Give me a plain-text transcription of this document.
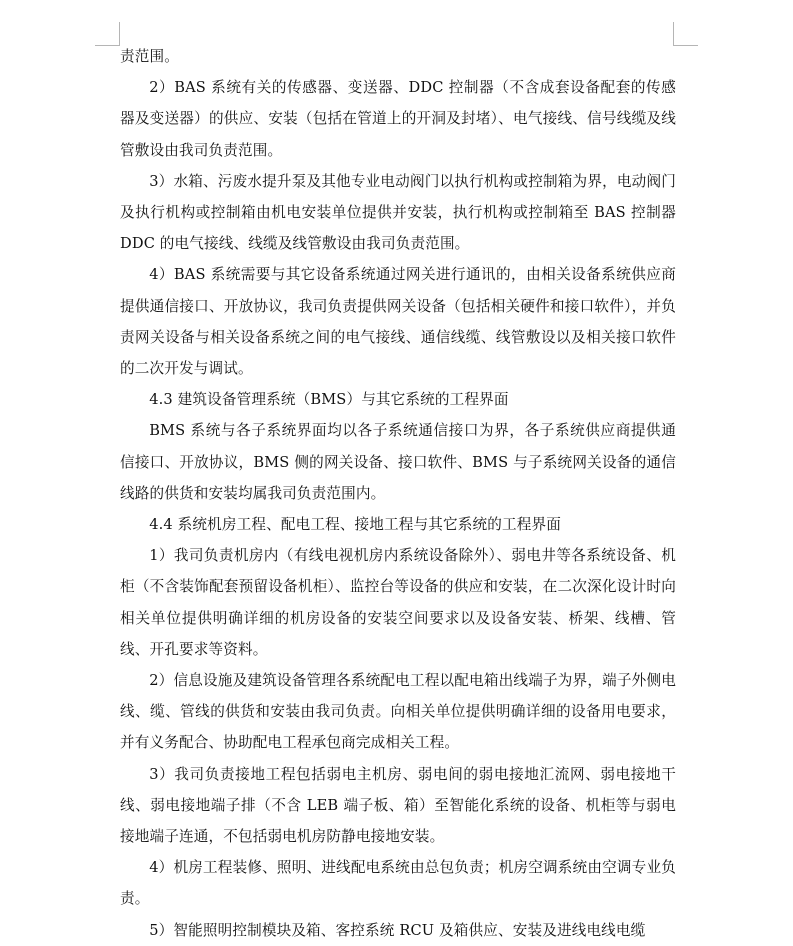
责范围。

2）BAS 系统有关的传感器、变送器、DDC 控制器（不含成套设备配套的传感器及变送器）的供应、安装（包括在管道上的开洞及封堵）、电气接线、信号线缆及线管敷设由我司负责范围。

3）水箱、污废水提升泵及其他专业电动阀门以执行机构或控制箱为界，电动阀门及执行机构或控制箱由机电安装单位提供并安装，执行机构或控制箱至 BAS 控制器 DDC 的电气接线、线缆及线管敷设由我司负责范围。

4）BAS 系统需要与其它设备系统通过网关进行通讯的，由相关设备系统供应商提供通信接口、开放协议，我司负责提供网关设备（包括相关硬件和接口软件），并负责网关设备与相关设备系统之间的电气接线、通信线缆、线管敷设以及相关接口软件的二次开发与调试。

4.3 建筑设备管理系统（BMS）与其它系统的工程界面

BMS 系统与各子系统界面均以各子系统通信接口为界，各子系统供应商提供通信接口、开放协议，BMS 侧的网关设备、接口软件、BMS 与子系统网关设备的通信线路的供货和安装均属我司负责范围内。

4.4 系统机房工程、配电工程、接地工程与其它系统的工程界面

1）我司负责机房内（有线电视机房内系统设备除外）、弱电井等各系统设备、机柜（不含装饰配套预留设备机柜）、监控台等设备的供应和安装，在二次深化设计时向相关单位提供明确详细的机房设备的安装空间要求以及设备安装、桥架、线槽、管线、开孔要求等资料。

2）信息设施及建筑设备管理各系统配电工程以配电箱出线端子为界，端子外侧电线、缆、管线的供货和安装由我司负责。向相关单位提供明确详细的设备用电要求，并有义务配合、协助配电工程承包商完成相关工程。

3）我司负责接地工程包括弱电主机房、弱电间的弱电接地汇流网、弱电接地干线、弱电接地端子排（不含 LEB 端子板、箱）至智能化系统的设备、机柜等与弱电接地端子连通，不包括弱电机房防静电接地安装。

4）机房工程装修、照明、进线配电系统由总包负责；机房空调系统由空调专业负责。

5）智能照明控制模块及箱、客控系统 RCU 及箱供应、安装及进线电线电缆
